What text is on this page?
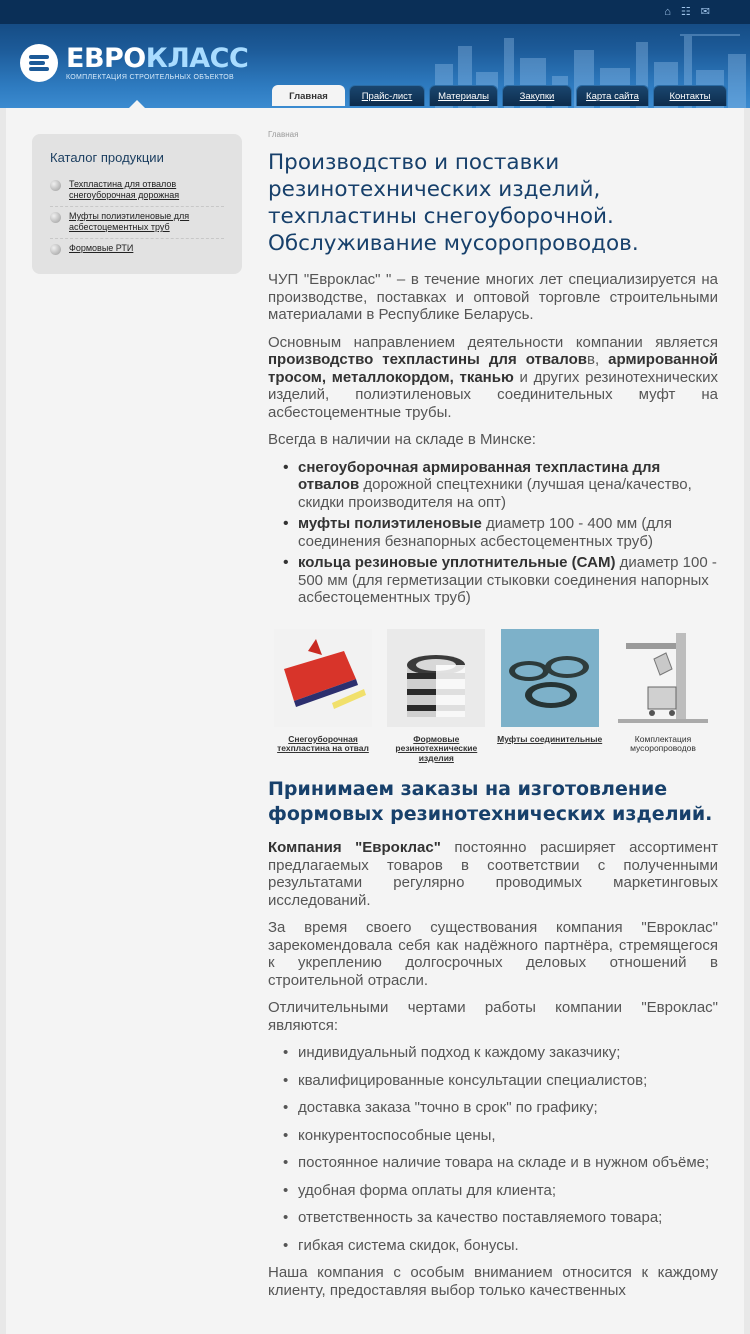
⌂ ☷ ✉
ЕВРОКЛАСС
КОМПЛЕКТАЦИЯ СТРОИТЕЛЬНЫХ ОБЪЕКТОВ
Главная	Прайс-лист	Материалы	Закупки	Карта сайта	Контакты
Каталог продукции
Техпластина для отвалов снегоуборочная дорожная
Муфты полиэтиленовые для асбестоцементных труб
Формовые РТИ
Главная
Производство и поставки резинотехнических изделий, техпластины снегоуборочной. Обслуживание мусоропроводов.

ЧУП "Евроклас" " – в течение многих лет специализируется на производстве, поставках и оптовой торговле строительными материалами в Республике Беларусь.

Основным направлением деятельности компании является производство техпластины для отваловв, армированной тросом, металлокордом, тканью и других резинотехнических изделий, полиэтиленовых соединительных муфт на асбестоцементные трубы.

Всегда в наличии на складе в Минске:

• снегоуборочная армированная техпластина для отвалов дорожной спецтехники (лучшая цена/качество, скидки производителя на опт)
• муфты полиэтиленовые диаметр 100 - 400 мм (для соединения безнапорных асбестоцементных труб)
• кольца резиновые уплотнительные (САМ) диаметр 100 - 500 мм (для герметизации стыковки соединения напорных асбестоцементных труб)
Снегоуборочная техпластина на отвал
Формовые резинотехнические изделия
Муфты соединительные	Комплектация мусоропроводов
Принимаем заказы на изготовление формовых резинотехнических изделий.

Компания "Евроклас" постоянно расширяет ассортимент предлагаемых товаров в соответствии с полученными результатами регулярно проводимых маркетинговых исследований.

За время своего существования компания "Евроклас" зарекомендовала себя как надёжного партнёра, стремящегося к укреплению долгосрочных деловых отношений в строительной отрасли.

Отличительными чертами работы компании "Евроклас" являются:

• индивидуальный подход к каждому заказчику;
• квалифицированные консультации специалистов;
• доставка заказа "точно в срок" по графику;
• конкурентоспособные цены,
• постоянное наличие товара на складе и в нужном объёме;
• удобная форма оплаты для клиента;
• ответственность за качество поставляемого товара;
• гибкая система скидок, бонусы.

Наша компания с особым вниманием относится к каждому клиенту, предоставляя выбор только качественных
